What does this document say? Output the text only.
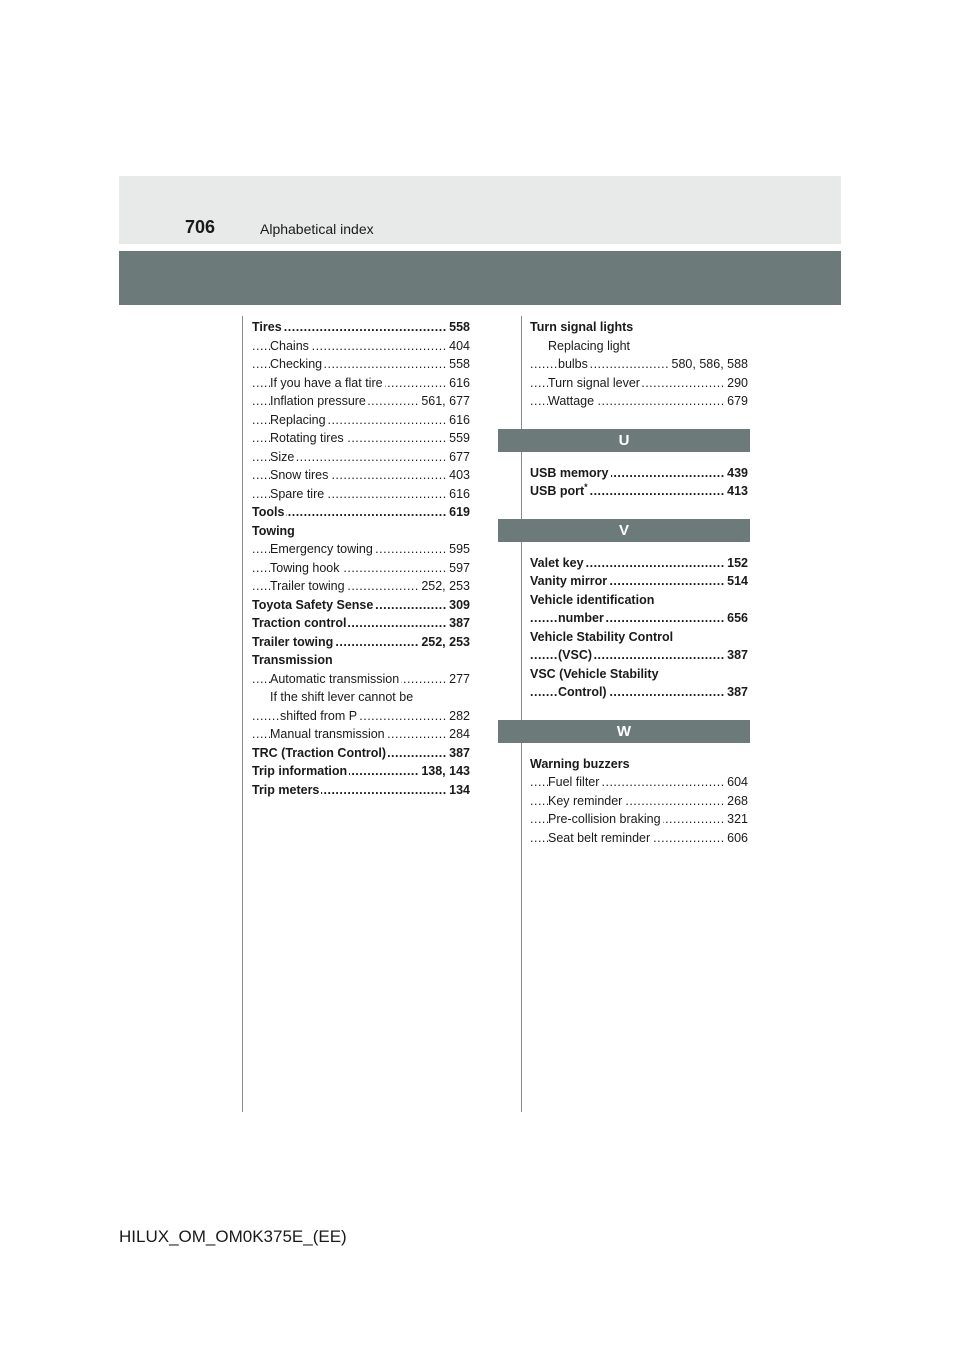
706	Alphabetical index
..... Tires	558
..... Chains	404
..... Checking	558
..... If you have a flat tire	616
..... Inflation pressure	561, 677
..... Replacing	616
..... Rotating tires	559
..... Size	677
..... Snow tires	403
..... Spare tire	616
..... Tools	619
Towing
..... Emergency towing	595
..... Towing hook	597
..... Trailer towing	252, 253
..... Toyota Safety Sense	309
..... Traction control	387
..... Trailer towing	252, 253
Transmission
..... Automatic transmission	277
If the shift lever cannot be
..... shifted from P	282
..... Manual transmission	284
..... TRC (Traction Control)	387
..... Trip information	138, 143
..... Trip meters	134
Turn signal lights
Replacing light
..... bulbs	580, 586, 588
..... Turn signal lever	290
..... Wattage	679
U
..... USB memory	439
..... USB port*	413
V
..... Valet key	152
..... Vanity mirror	514
Vehicle identification
..... number	656
Vehicle Stability Control
..... (VSC)	387
VSC (Vehicle Stability
..... Control)	387
W
Warning buzzers
..... Fuel filter	604
..... Key reminder	268
..... Pre-collision braking	321
..... Seat belt reminder	606
HILUX_OM_OM0K375E_(EE)
